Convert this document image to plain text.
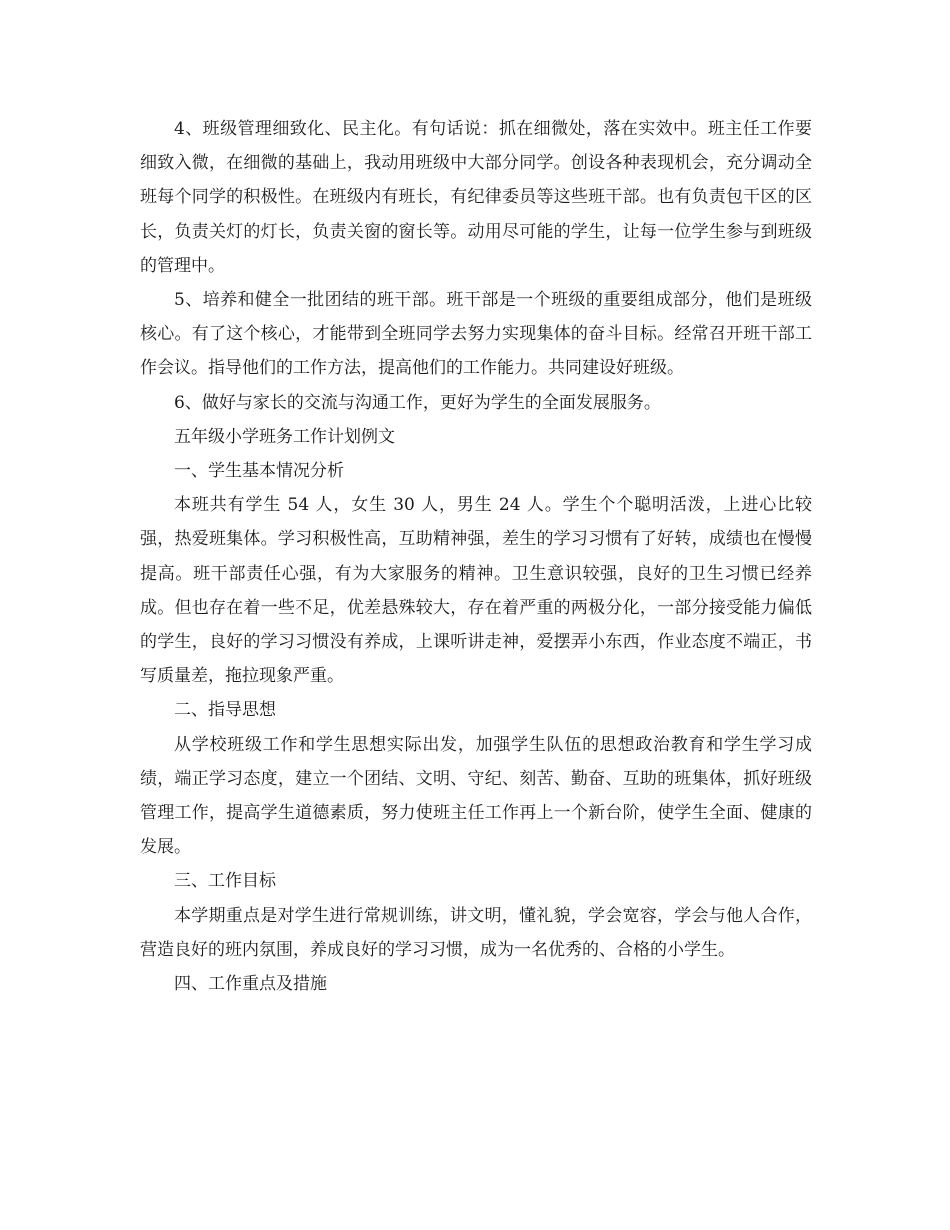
4、班级管理细致化、民主化。有句话说：抓在细微处，落在实效中。班主任工作要细致入微，在细微的基础上，我动用班级中大部分同学。创设各种表现机会，充分调动全班每个同学的积极性。在班级内有班长，有纪律委员等这些班干部。也有负责包干区的区长，负责关灯的灯长，负责关窗的窗长等。动用尽可能的学生，让每一位学生参与到班级的管理中。

5、培养和健全一批团结的班干部。班干部是一个班级的重要组成部分，他们是班级核心。有了这个核心，才能带到全班同学去努力实现集体的奋斗目标。经常召开班干部工作会议。指导他们的工作方法，提高他们的工作能力。共同建设好班级。

6、做好与家长的交流与沟通工作，更好为学生的全面发展服务。

五年级小学班务工作计划例文

一、学生基本情况分析

本班共有学生 54 人，女生 30 人，男生 24 人。学生个个聪明活泼，上进心比较强，热爱班集体。学习积极性高，互助精神强，差生的学习习惯有了好转，成绩也在慢慢提高。班干部责任心强，有为大家服务的精神。卫生意识较强，良好的卫生习惯已经养成。但也存在着一些不足，优差悬殊较大，存在着严重的两极分化，一部分接受能力偏低的学生，良好的学习习惯没有养成，上课听讲走神，爱摆弄小东西，作业态度不端正，书写质量差，拖拉现象严重。

二、指导思想

从学校班级工作和学生思想实际出发，加强学生队伍的思想政治教育和学生学习成绩，端正学习态度，建立一个团结、文明、守纪、刻苦、勤奋、互助的班集体，抓好班级管理工作，提高学生道德素质，努力使班主任工作再上一个新台阶，使学生全面、健康的发展。

三、工作目标

本学期重点是对学生进行常规训练，讲文明，懂礼貌，学会宽容，学会与他人合作，营造良好的班内氛围，养成良好的学习习惯，成为一名优秀的、合格的小学生。

四、工作重点及措施
